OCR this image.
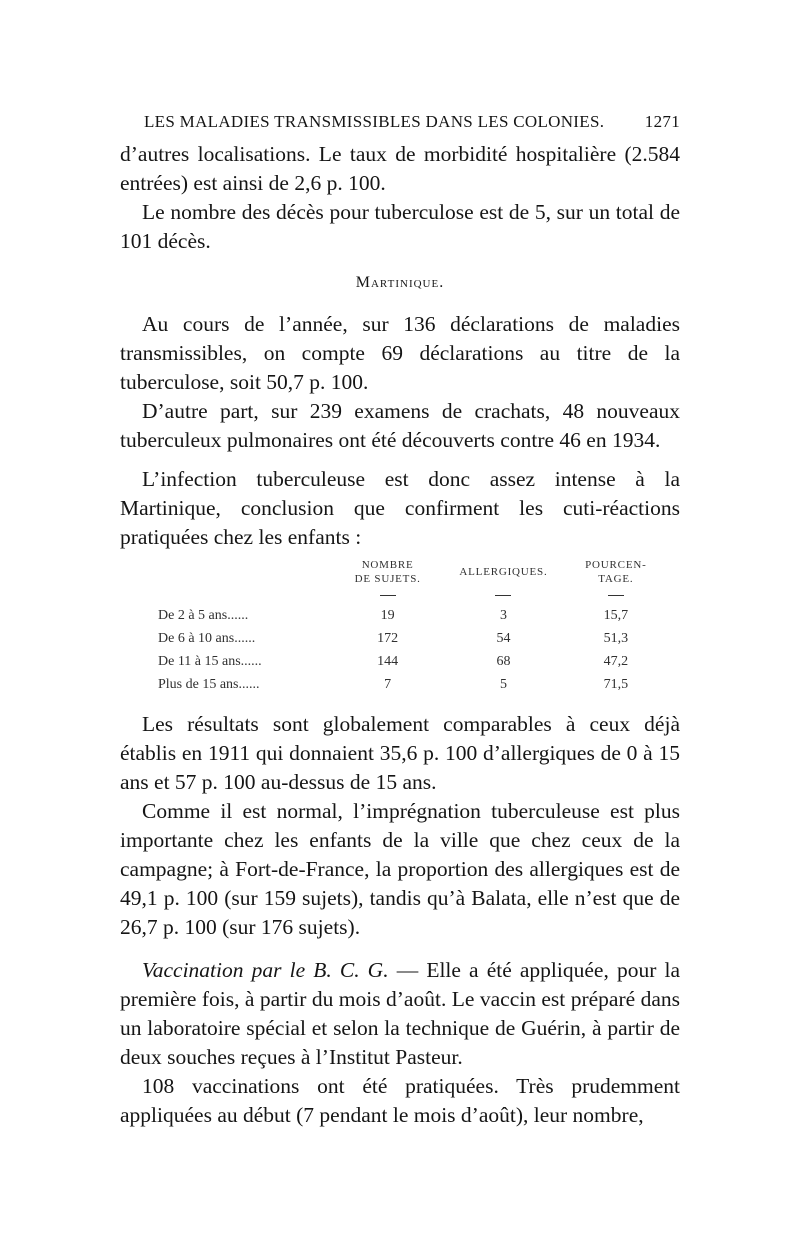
LES MALADIES TRANSMISSIBLES DANS LES COLONIES. 1271

d’autres localisations. Le taux de morbidité hospitalière (2.584 entrées) est ainsi de 2,6 p. 100.

Le nombre des décès pour tuberculose est de 5, sur un total de 101 décès.

Martinique.

Au cours de l’année, sur 136 déclarations de maladies transmissibles, on compte 69 déclarations au titre de la tuberculose, soit 50,7 p. 100.

D’autre part, sur 239 examens de crachats, 48 nouveaux tuberculeux pulmonaires ont été découverts contre 46 en 1934.

L’infection tuberculeuse est donc assez intense à la Martinique, conclusion que confirment les cuti-réactions pratiquées chez les enfants :

	NOMBRE
DE SUJETS.	ALLERGIQUES.	POURCEN-
TAGE.

De 2 à 5 ans......	19	3	15,7
De 6 à 10 ans......	172	54	51,3
De 11 à 15 ans......	144	68	47,2
Plus de 15 ans......	7	5	71,5

Les résultats sont globalement comparables à ceux déjà établis en 1911 qui donnaient 35,6 p. 100 d’allergiques de 0 à 15 ans et 57 p. 100 au-dessus de 15 ans.

Comme il est normal, l’imprégnation tuberculeuse est plus importante chez les enfants de la ville que chez ceux de la campagne; à Fort-de-France, la proportion des allergiques est de 49,1 p. 100 (sur 159 sujets), tandis qu’à Balata, elle n’est que de 26,7 p. 100 (sur 176 sujets).

Vaccination par le B. C. G. — Elle a été appliquée, pour la première fois, à partir du mois d’août. Le vaccin est préparé dans un laboratoire spécial et selon la technique de Guérin, à partir de deux souches reçues à l’Institut Pasteur.

108 vaccinations ont été pratiquées. Très prudemment appliquées au début (7 pendant le mois d’août), leur nombre,
